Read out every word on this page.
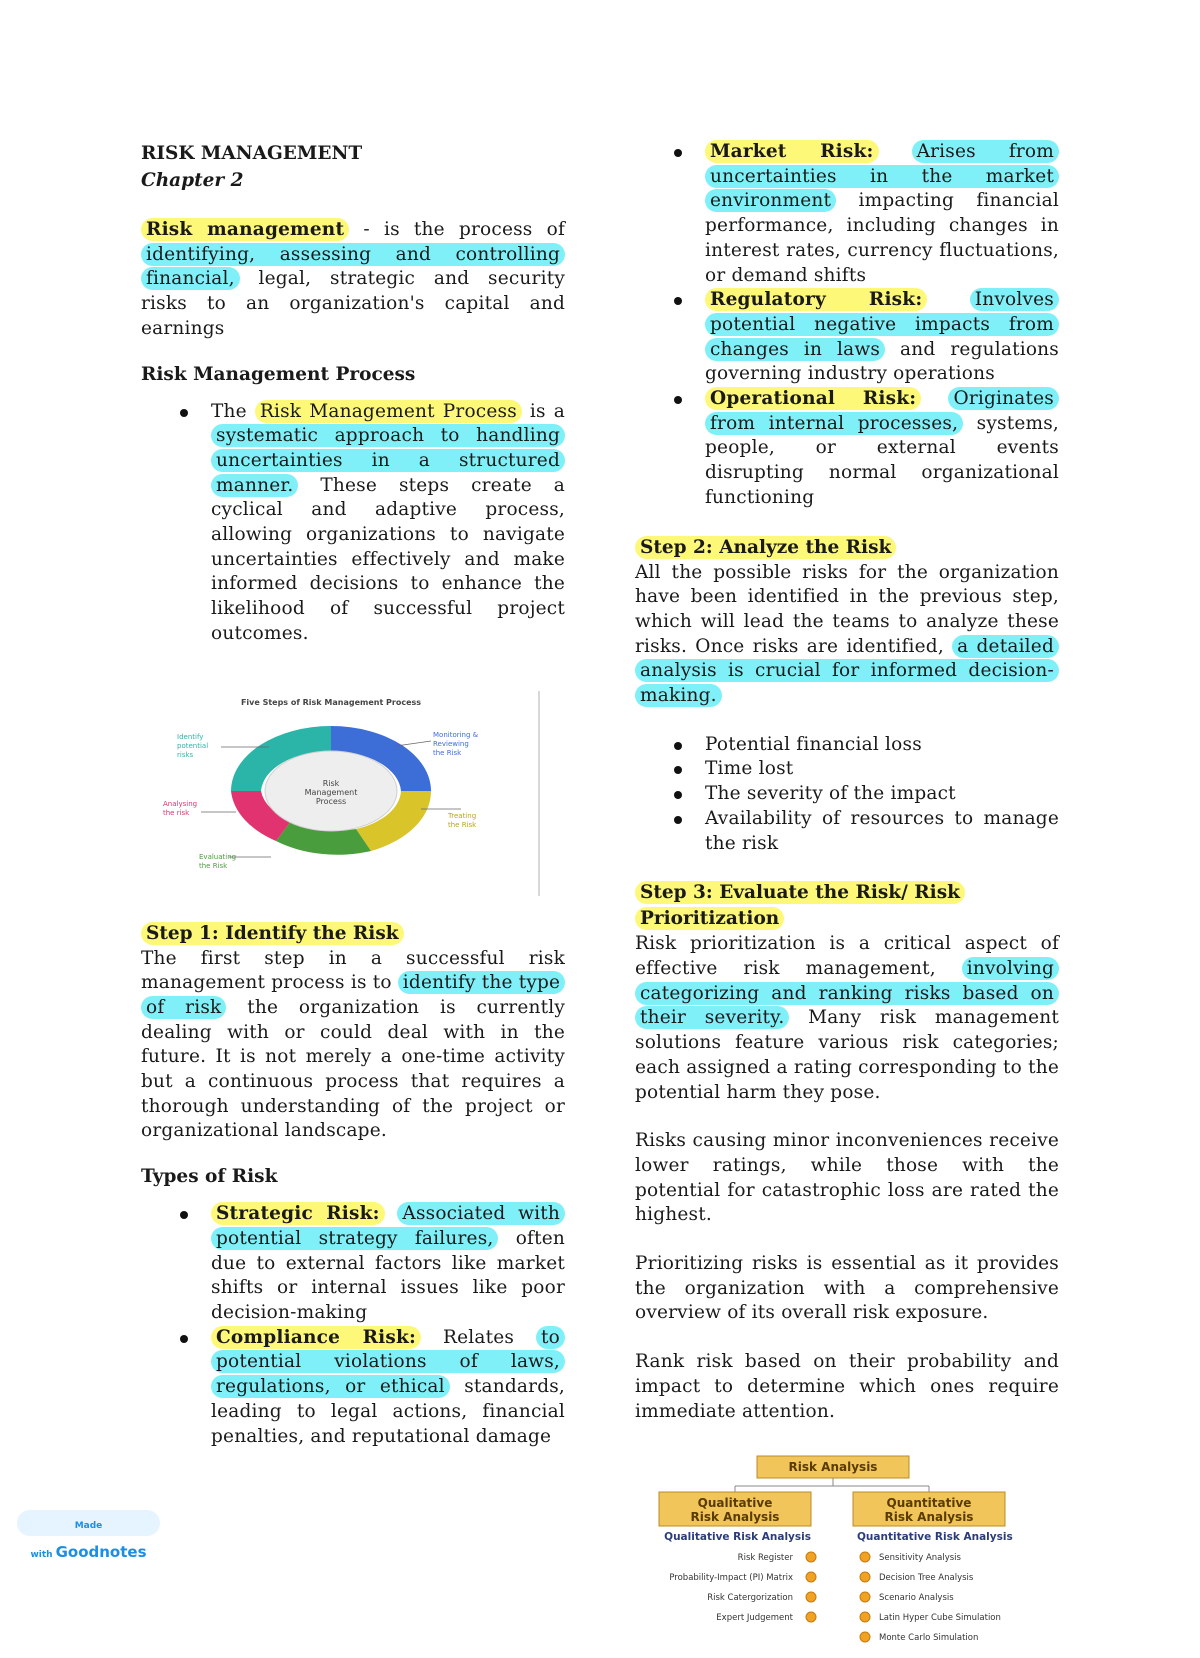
RISK MANAGEMENT
Chapter 2

Risk management - is the process of identifying, assessing and controlling financial, legal, strategic and security risks to an organization's capital and earnings

Risk Management Process
The Risk Management Process is a systematic approach to handling uncertainties in a structured manner. These steps create a cyclical and adaptive process, allowing organizations to navigate uncertainties effectively and make informed decisions to enhance the likelihood of successful project outcomes.
Five Steps of Risk Management Process
Risk
Management
Process
Identify
potential
risks
Monitoring &
Reviewing
the Risk
Analysing
the risk	Treating
the Risk
Evaluating
the Risk
Step 1: Identify the Risk

The first step in a successful risk management process is to identify the type of risk the organization is currently dealing with or could deal with in the future. It is not merely a one-time activity but a continuous process that requires a thorough understanding of the project or organizational landscape.

Types of Risk
Strategic Risk: Associated with potential strategy failures, often due to external factors like market shifts or internal issues like poor decision-making
Compliance Risk: Relates to potential violations of laws, regulations, or ethical standards, leading to legal actions, financial penalties, and reputational damage
Market Risk: Arises from uncertainties in the market environment impacting financial performance, including changes in interest rates, currency fluctuations, or demand shifts
Regulatory Risk:	Involves potential negative impacts from changes in laws and regulations governing industry operations
Operational Risk: Originates from internal processes, systems, people, or external events disrupting normal organizational functioning
Step 2: Analyze the Risk

All the possible risks for the organization have been identified in the previous step, which will lead the teams to analyze these risks. Once risks are identified, a detailed analysis is crucial for informed decision-making.

Potential financial loss
Time lost
The severity of the impact
Availability of resources to manage the risk
Step 3: Evaluate the Risk/ Risk Prioritization

Risk prioritization is a critical aspect of effective risk management, involving categorizing and ranking risks based on their severity. Many risk management solutions feature various risk categories; each assigned a rating corresponding to the potential harm they pose.

Risks causing minor inconveniences receive lower ratings, while those with the potential for catastrophic loss are rated the highest.

Prioritizing risks is essential as it provides the organization with a comprehensive overview of its overall risk exposure.

Rank risk based on their probability and impact to determine which ones require immediate attention.

Risk Analysis
Qualitative
Risk Analysis
Quantitative
Risk Analysis
Qualitative Risk Analysis	Quantitative Risk Analysis
Risk Register
Probability-Impact (PI) Matrix
Risk Catergorization
Expert Judgement
Sensitivity Analysis
Decision Tree Analysis
Scenario Analysis
Latin Hyper Cube Simulation
Monte Carlo Simulation
Made with Goodnotes
